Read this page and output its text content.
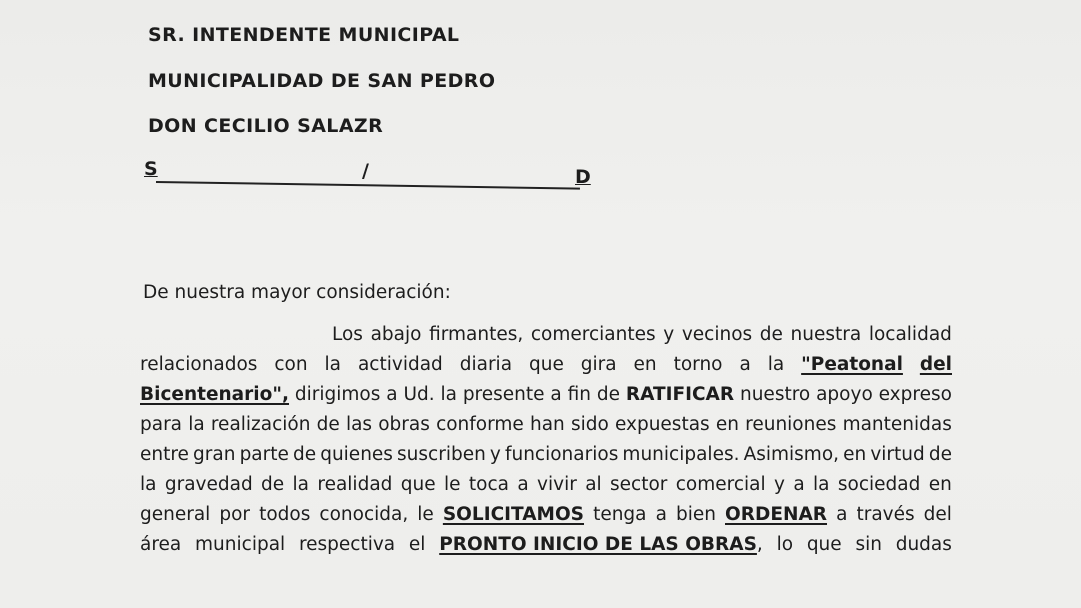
SR. INTENDENTE MUNICIPAL
MUNICIPALIDAD DE SAN PEDRO
DON CECILIO SALAZR
S	/	D
De nuestra mayor consideración:
Los abajo firmantes, comerciantes y vecinos de nuestra localidad
relacionados con la actividad diaria que gira en torno a la "Peatonal del
Bicentenario", dirigimos a Ud. la presente a fin de RATIFICAR nuestro apoyo expreso
para la realización de las obras conforme han sido expuestas en reuniones mantenidas
entre gran parte de quienes suscriben y funcionarios municipales. Asimismo, en virtud de
la gravedad de la realidad que le toca a vivir al sector comercial y a la sociedad en
general por todos conocida, le SOLICITAMOS tenga a bien ORDENAR a través del
área municipal respectiva el PRONTO INICIO DE LAS OBRAS, lo que sin dudas
